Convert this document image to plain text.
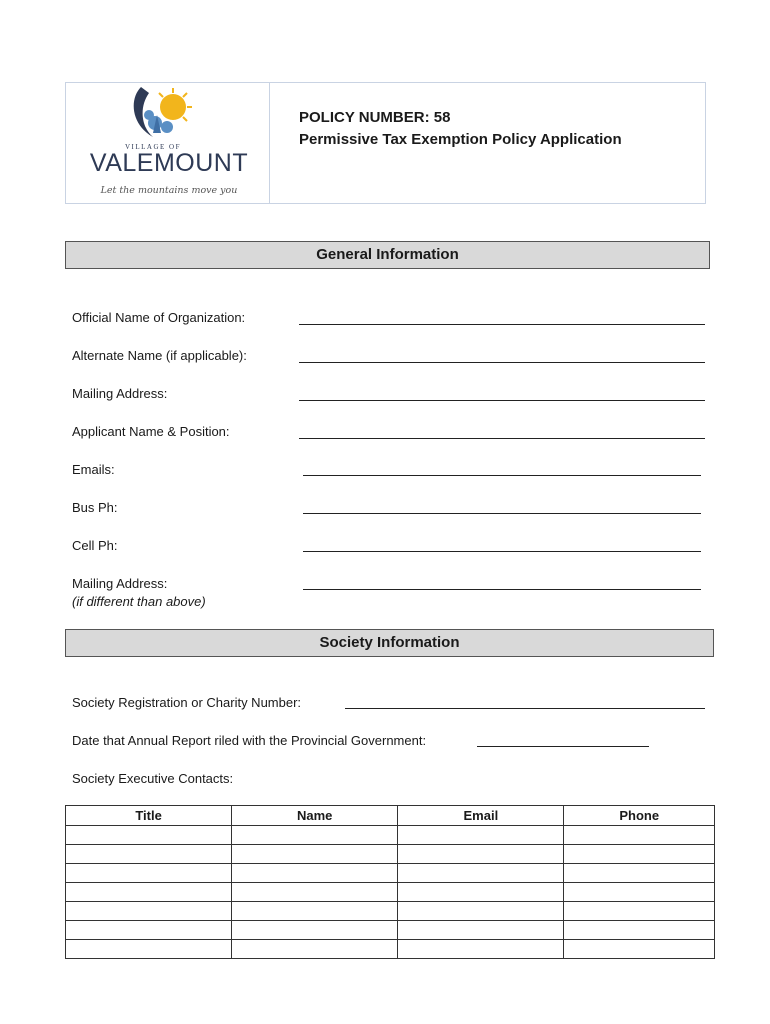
VILLAGE OF
VALEMOUNT
Let the mountains move you
POLICY NUMBER: 58
Permissive Tax Exemption Policy Application
General Information
Official Name of Organization:
Alternate Name (if applicable):
Mailing Address:
Applicant Name & Position:
Emails:
Bus Ph:
Cell Ph:
Mailing Address:
(if different than above)
Society Information
Society Registration or Charity Number:
Date that Annual Report riled with the Provincial Government:
Society Executive Contacts:
Title	Name	Email	Phone
